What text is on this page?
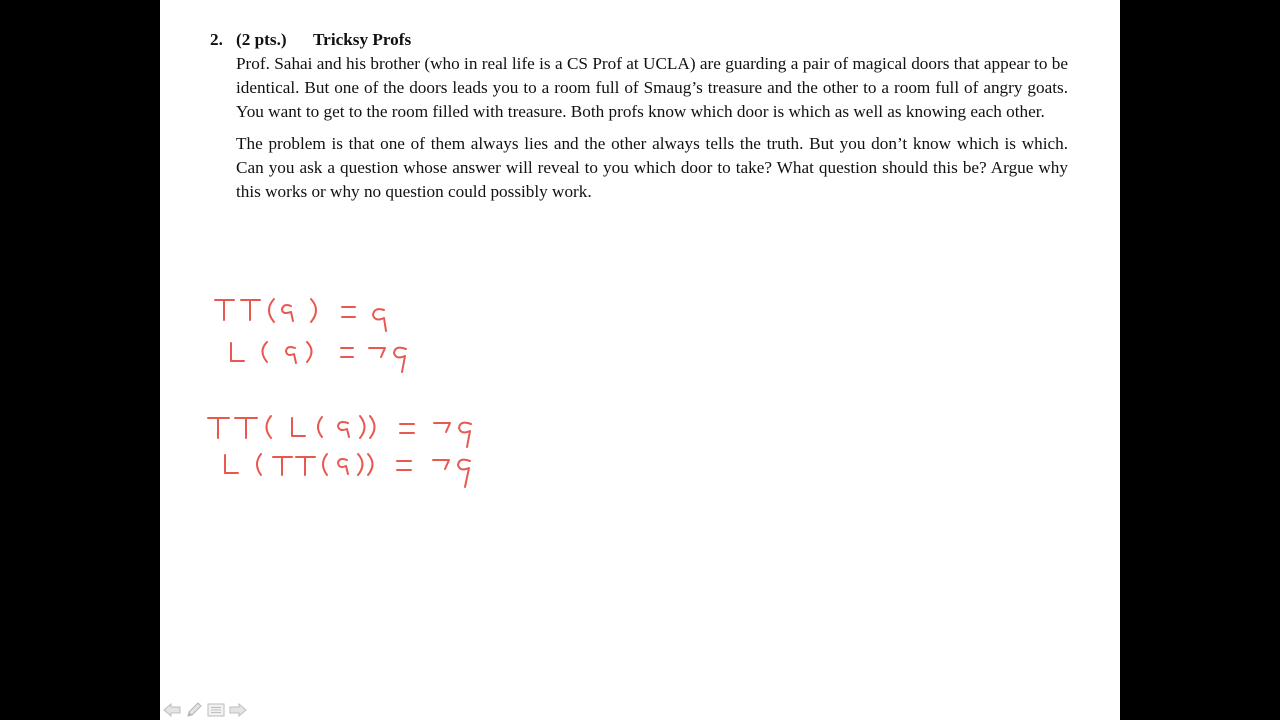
2. (2 pts.) Tricksy Profs

Prof. Sahai and his brother (who in real life is a CS Prof at UCLA) are guarding a pair of magical doors that appear to be identical. But one of the doors leads you to a room full of Smaug’s treasure and the other to a room full of angry goats. You want to get to the room filled with treasure. Both profs know which door is which as well as knowing each other.

The problem is that one of them always lies and the other always tells the truth. But you don’t know which is which. Can you ask a question whose answer will reveal to you which door to take? What question should this be? Argue why this works or why no question could possibly work.
